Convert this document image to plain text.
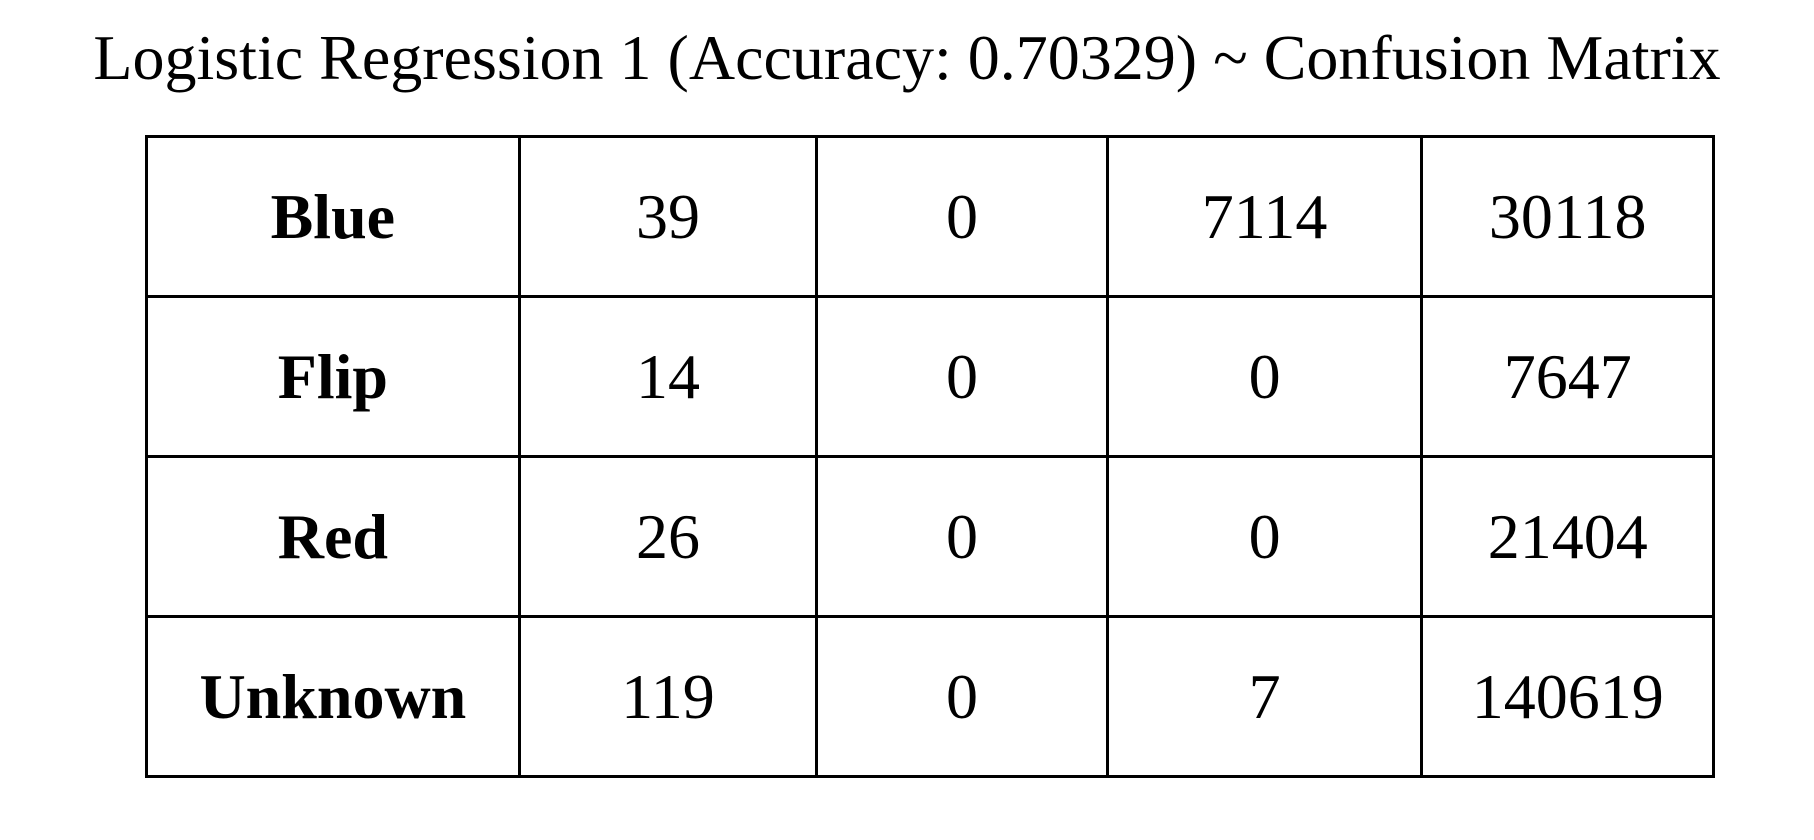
Logistic Regression 1 (Accuracy: 0.70329) ~ Confusion Matrix
Blue	39	0	7114	30118
Flip	14	0	0	7647
Red	26	0	0	21404
Unknown	119	0	7	140619
